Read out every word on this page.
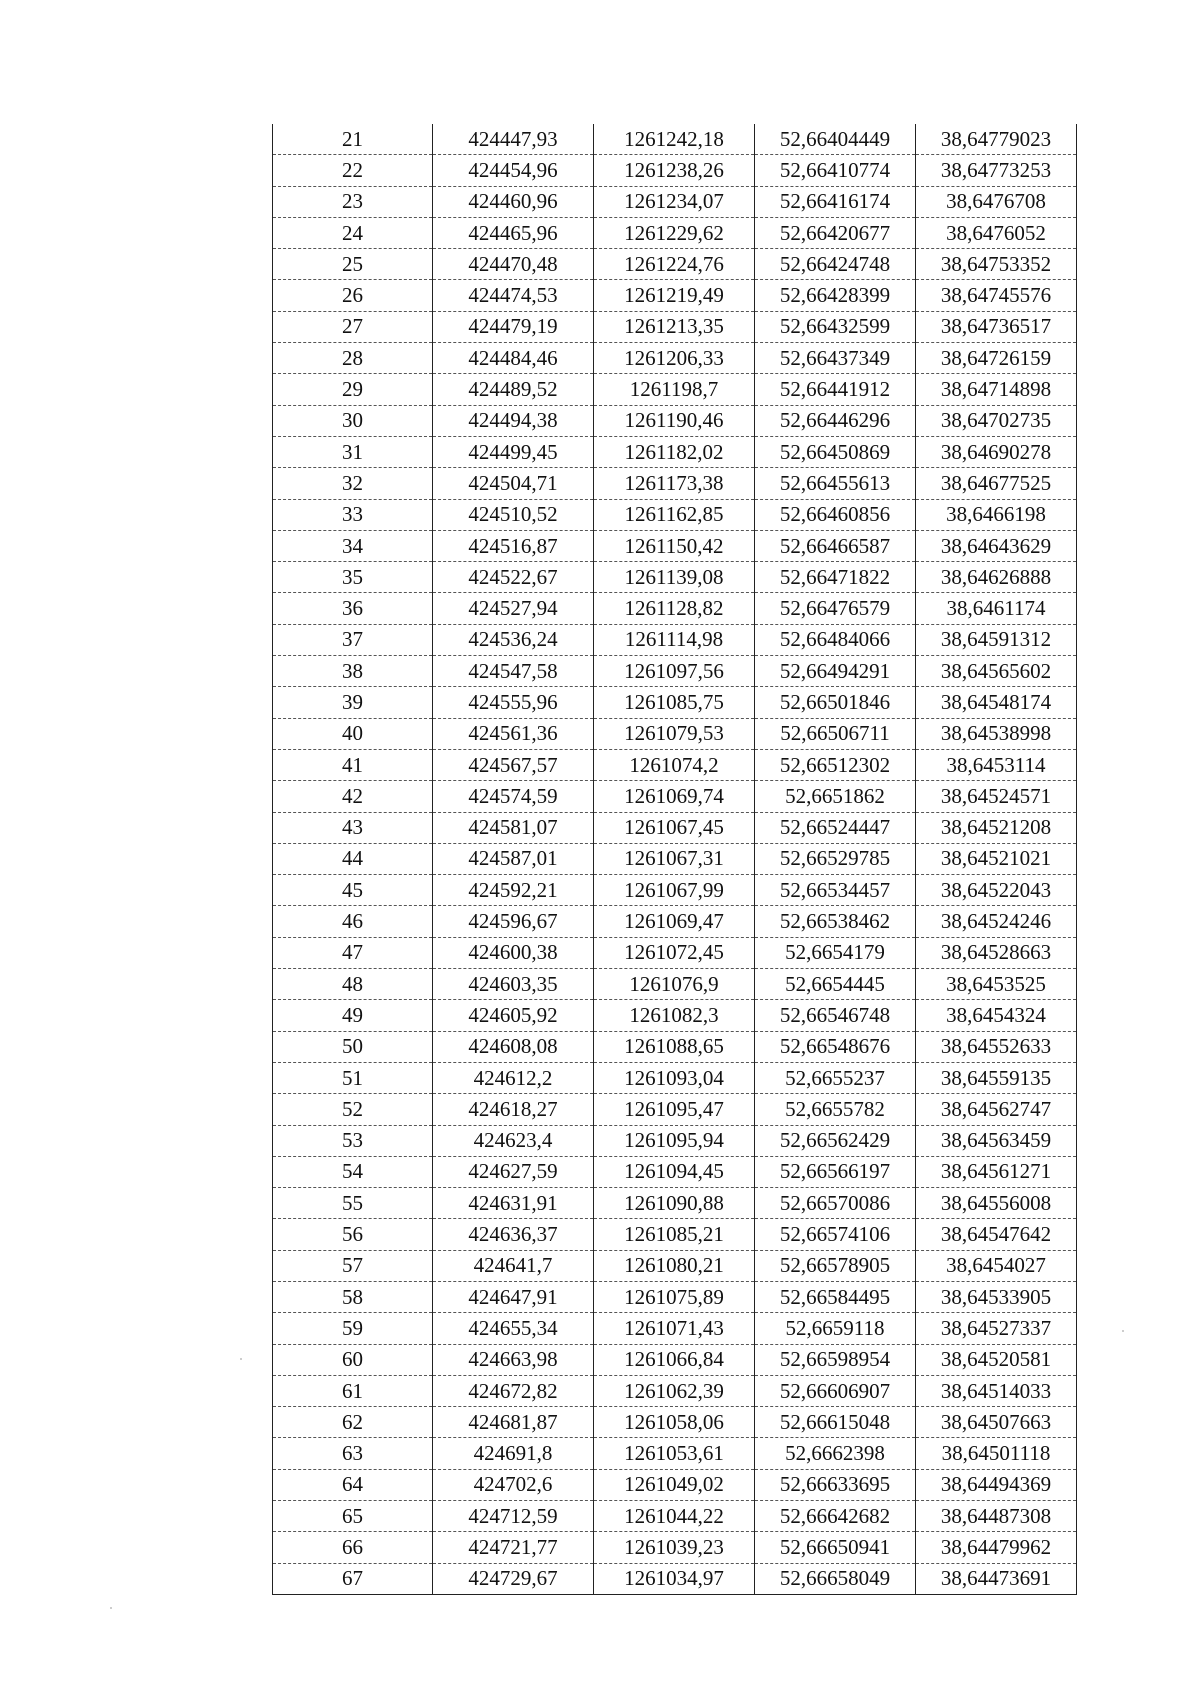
21	424447,93	1261242,18	52,66404449	38,64779023
22	424454,96	1261238,26	52,66410774	38,64773253
23	424460,96	1261234,07	52,66416174	38,6476708
24	424465,96	1261229,62	52,66420677	38,6476052
25	424470,48	1261224,76	52,66424748	38,64753352
26	424474,53	1261219,49	52,66428399	38,64745576
27	424479,19	1261213,35	52,66432599	38,64736517
28	424484,46	1261206,33	52,66437349	38,64726159
29	424489,52	1261198,7	52,66441912	38,64714898
30	424494,38	1261190,46	52,66446296	38,64702735
31	424499,45	1261182,02	52,66450869	38,64690278
32	424504,71	1261173,38	52,66455613	38,64677525
33	424510,52	1261162,85	52,66460856	38,6466198
34	424516,87	1261150,42	52,66466587	38,64643629
35	424522,67	1261139,08	52,66471822	38,64626888
36	424527,94	1261128,82	52,66476579	38,6461174
37	424536,24	1261114,98	52,66484066	38,64591312
38	424547,58	1261097,56	52,66494291	38,64565602
39	424555,96	1261085,75	52,66501846	38,64548174
40	424561,36	1261079,53	52,66506711	38,64538998
41	424567,57	1261074,2	52,66512302	38,6453114
42	424574,59	1261069,74	52,6651862	38,64524571
43	424581,07	1261067,45	52,66524447	38,64521208
44	424587,01	1261067,31	52,66529785	38,64521021
45	424592,21	1261067,99	52,66534457	38,64522043
46	424596,67	1261069,47	52,66538462	38,64524246
47	424600,38	1261072,45	52,6654179	38,64528663
48	424603,35	1261076,9	52,6654445	38,6453525
49	424605,92	1261082,3	52,66546748	38,6454324
50	424608,08	1261088,65	52,66548676	38,64552633
51	424612,2	1261093,04	52,6655237	38,64559135
52	424618,27	1261095,47	52,6655782	38,64562747
53	424623,4	1261095,94	52,66562429	38,64563459
54	424627,59	1261094,45	52,66566197	38,64561271
55	424631,91	1261090,88	52,66570086	38,64556008
56	424636,37	1261085,21	52,66574106	38,64547642
57	424641,7	1261080,21	52,66578905	38,6454027
58	424647,91	1261075,89	52,66584495	38,64533905
59	424655,34	1261071,43	52,6659118	38,64527337
60	424663,98	1261066,84	52,66598954	38,64520581
61	424672,82	1261062,39	52,66606907	38,64514033
62	424681,87	1261058,06	52,66615048	38,64507663
63	424691,8	1261053,61	52,6662398	38,64501118
64	424702,6	1261049,02	52,66633695	38,64494369
65	424712,59	1261044,22	52,66642682	38,64487308
66	424721,77	1261039,23	52,66650941	38,64479962
67	424729,67	1261034,97	52,66658049	38,64473691
